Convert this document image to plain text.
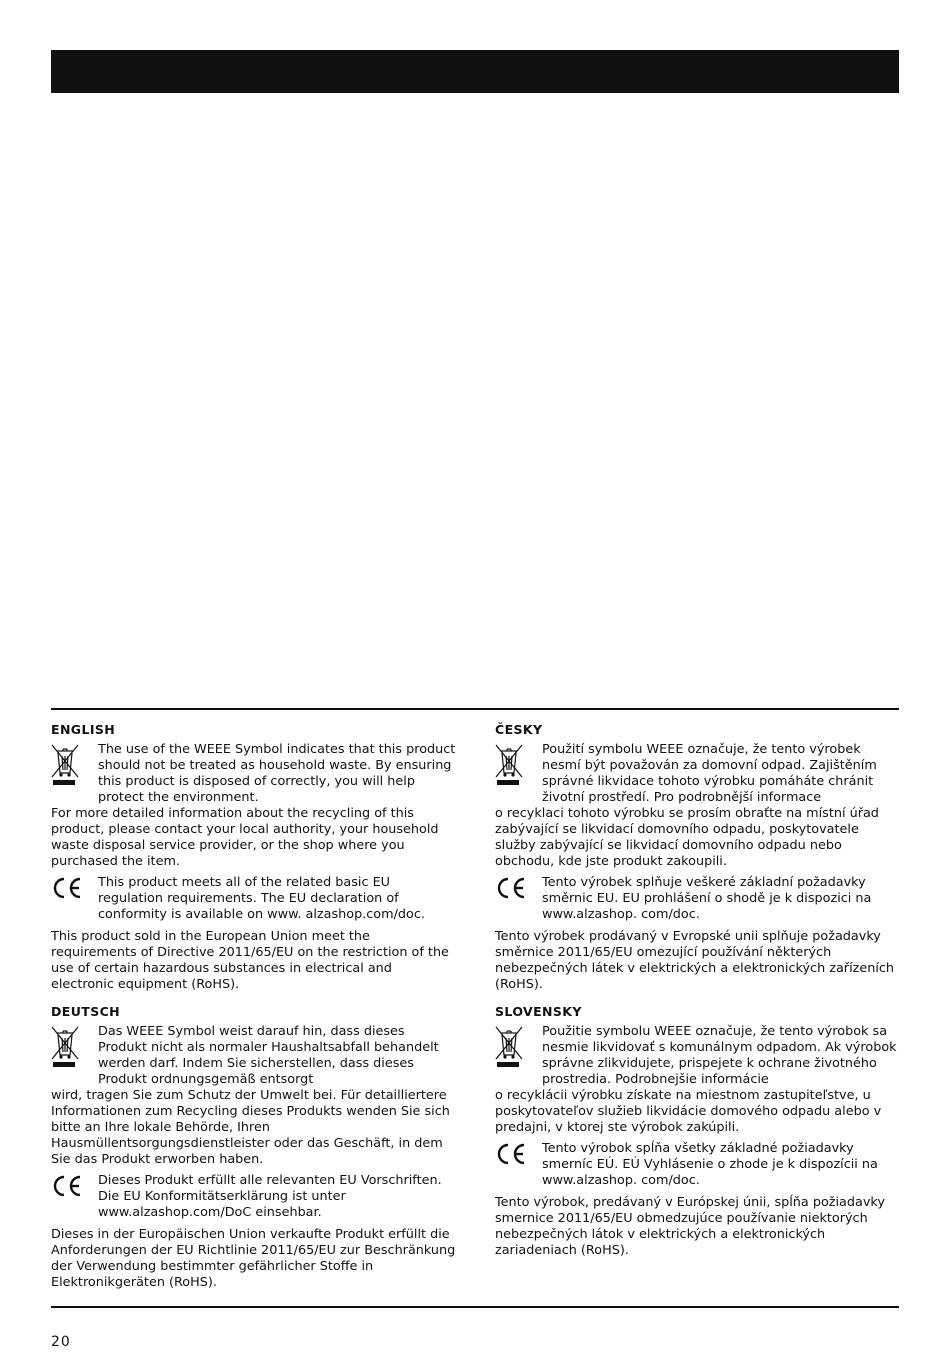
ENGLISH

The use of the WEEE Symbol indicates that this product should not be treated as household waste. By ensuring this product is disposed of correctly, you will help protect the environment.

For more detailed information about the recycling of this product, please contact your local authority, your household waste disposal service provider, or the shop where you purchased the item.

This product meets all of the related basic EU regulation requirements. The EU declaration of conformity is available on www. alzashop.com/doc.

This product sold in the European Union meet the requirements of Directive 2011/65/EU on the restriction of the use of certain hazardous substances in electrical and electronic equipment (RoHS).

DEUTSCH

Das WEEE Symbol weist darauf hin, dass dieses Produkt nicht als normaler Haushaltsabfall behandelt werden darf. Indem Sie sicherstellen, dass dieses Produkt ordnungsgemäß entsorgt

wird, tragen Sie zum Schutz der Umwelt bei. Für detailliertere Informationen zum Recycling dieses Produkts wenden Sie sich bitte an Ihre lokale Behörde, Ihren Hausmüllentsorgungsdienstleister oder das Geschäft, in dem Sie das Produkt erworben haben.

Dieses Produkt erfüllt alle relevanten EU Vorschriften. Die EU Konformitätserklärung ist unter www.alzashop.com/DoC einsehbar.

Dieses in der Europäischen Union verkaufte Produkt erfüllt die Anforderungen der EU Richtlinie 2011/65/EU zur Beschränkung der Verwendung bestimmter gefährlicher Stoffe in Elektronikgeräten (RoHS).

ČESKY

Použití symbolu WEEE označuje, že tento výrobek nesmí být považován za domovní odpad. Zajištěním správné likvidace tohoto výrobku pomáháte chránit životní prostředí. Pro podrobnější informace

o recyklaci tohoto výrobku se prosím obraťte na místní úřad zabývající se likvidací domovního odpadu, poskytovatele služby zabývající se likvidací domovního odpadu nebo obchodu, kde jste produkt zakoupili.

Tento výrobek splňuje veškeré základní požadavky směrnic EU. EU prohlášení o shodě je k dispozici na www.alzashop. com/doc.

Tento výrobek prodávaný v Evropské unii splňuje požadavky směrnice 2011/65/EU omezující používání některých nebezpečných látek v elektrických a elektronických zařízeních (RoHS).

SLOVENSKY

Použitie symbolu WEEE označuje, že tento výrobok sa nesmie likvidovať s komunálnym odpadom. Ak výrobok správne zlikvidujete, prispejete k ochrane životného prostredia. Podrobnejšie informácie

o recyklácii výrobku získate na miestnom zastupiteľstve, u poskytovateľov služieb likvidácie domového odpadu alebo v predajni, v ktorej ste výrobok zakúpili.

Tento výrobok spĺňa všetky základné požiadavky smerníc EÚ. EÚ Vyhlásenie o zhode je k dispozícii na www.alzashop. com/doc.

Tento výrobok, predávaný v Európskej únii, spĺňa požiadavky smernice 2011/65/EU obmedzujúce používanie niektorých nebezpečných látok v elektrických a elektronických zariadeniach (RoHS).

20
